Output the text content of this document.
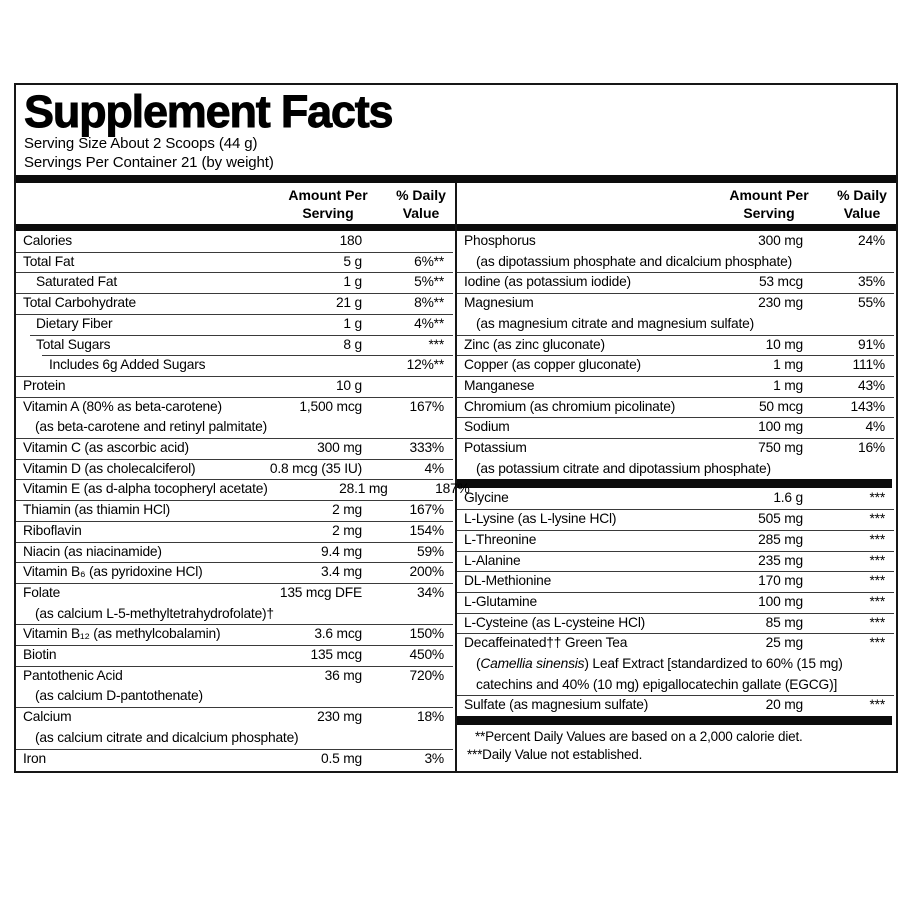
Supplement Facts
Serving Size About 2 Scoops (44 g)
Servings Per Container 21 (by weight)
Amount Per
Serving
% Daily
Value
Calories	180
Total Fat	5 g	6%**
Saturated Fat	1 g	5%**
Total Carbohydrate	21 g	8%**
Dietary Fiber	1 g	4%**
Total Sugars	8 g	***
Includes 6g Added Sugars	12%**
Protein	10 g
Vitamin A (80% as beta-carotene)	1,500 mcg	167%
(as beta-carotene and retinyl palmitate)
Vitamin C (as ascorbic acid)	300 mg	333%
Vitamin D (as cholecalciferol)	0.8 mcg (35 IU)	4%
Vitamin E (as d-alpha tocopheryl acetate)	28.1 mg	187%
Thiamin (as thiamin HCl)	2 mg	167%
Riboflavin	2 mg	154%
Niacin (as niacinamide)	9.4 mg	59%
Vitamin B₆ (as pyridoxine HCl)	3.4 mg	200%
Folate	135 mcg DFE	34%
(as calcium L-5-methyltetrahydrofolate)†
Vitamin B₁₂ (as methylcobalamin)	3.6 mcg	150%
Biotin	135 mcg	450%
Pantothenic Acid	36 mg	720%
(as calcium D-pantothenate)
Calcium	230 mg	18%
(as calcium citrate and dicalcium phosphate)
Iron	0.5 mg	3%
Amount Per
Serving
% Daily
Value
Phosphorus	300 mg	24%
(as dipotassium phosphate and dicalcium phosphate)
Iodine (as potassium iodide)	53 mcg	35%
Magnesium	230 mg	55%
(as magnesium citrate and magnesium sulfate)
Zinc (as zinc gluconate)	10 mg	91%
Copper (as copper gluconate)	1 mg	111%
Manganese	1 mg	43%
Chromium (as chromium picolinate)	50 mcg	143%
Sodium	100 mg	4%
Potassium	750 mg	16%
(as potassium citrate and dipotassium phosphate)
Glycine	1.6 g	***
L-Lysine (as L-lysine HCl)	505 mg	***
L-Threonine	285 mg	***
L-Alanine	235 mg	***
DL-Methionine	170 mg	***
L-Glutamine	100 mg	***
L-Cysteine (as L-cysteine HCl)	85 mg	***
Decaffeinated†† Green Tea	25 mg	***
(Camellia sinensis) Leaf Extract [standardized to 60% (15 mg)
catechins and 40% (10 mg) epigallocatechin gallate (EGCG)]
Sulfate (as magnesium sulfate)	20 mg	***
**Percent Daily Values are based on a 2,000 calorie diet.
***Daily Value not established.
